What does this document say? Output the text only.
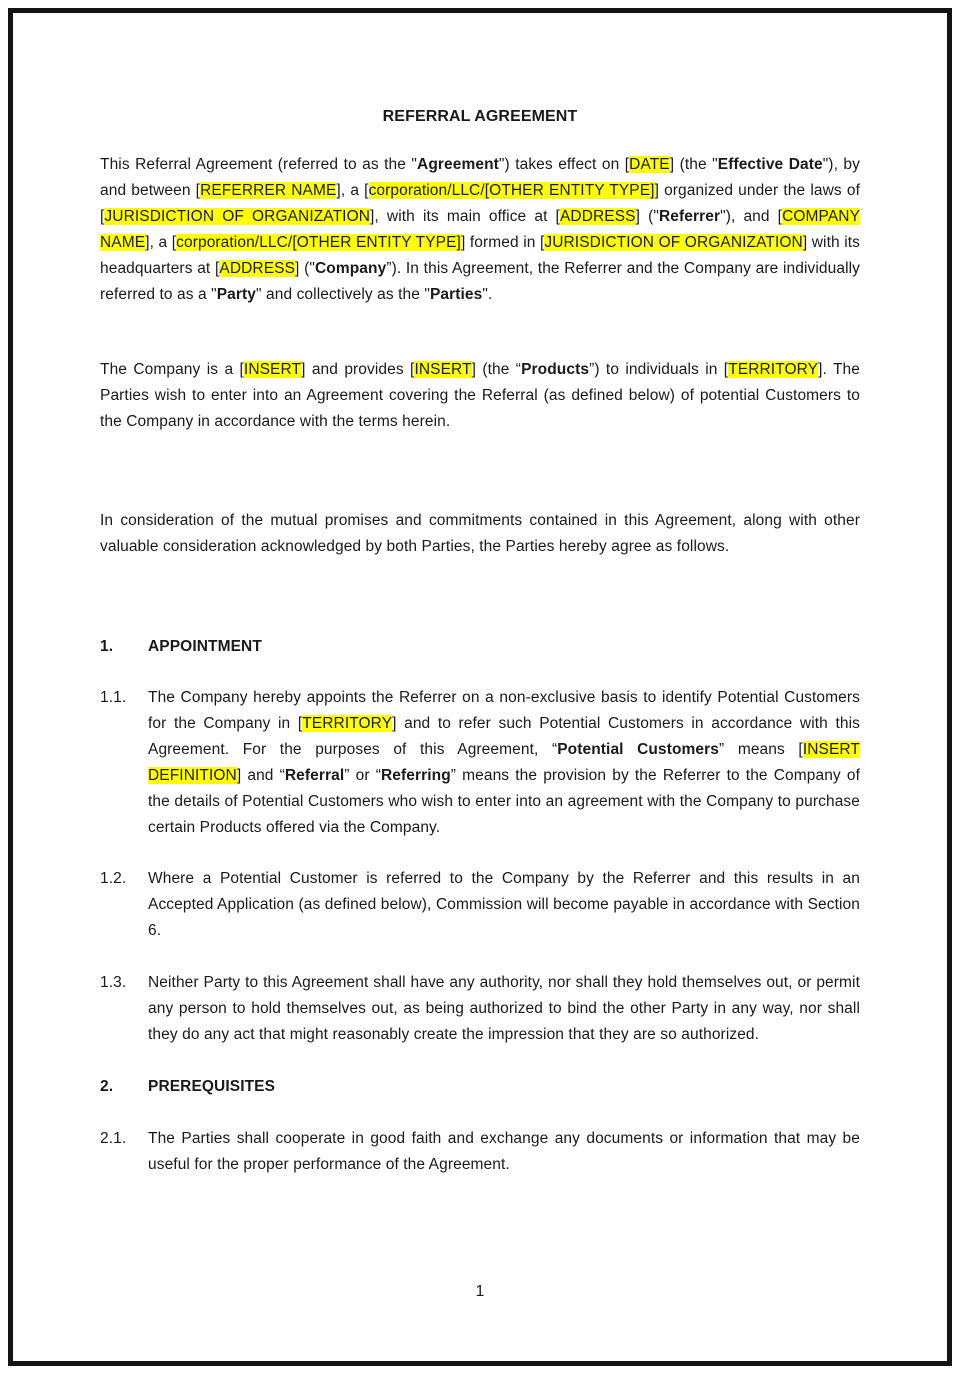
REFERRAL AGREEMENT

This Referral Agreement (referred to as the "Agreement") takes effect on [DATE] (the "Effective Date"), by and between [REFERRER NAME], a [corporation/LLC/[OTHER ENTITY TYPE]] organized under the laws of [JURISDICTION OF ORGANIZATION], with its main office at [ADDRESS] ("Referrer"), and [COMPANY NAME], a [corporation/LLC/[OTHER ENTITY TYPE]] formed in [JURISDICTION OF ORGANIZATION] with its headquarters at [ADDRESS] ("Company”). In this Agreement, the Referrer and the Company are individually referred to as a "Party" and collectively as the "Parties".

The Company is a [INSERT] and provides [INSERT] (the “Products”) to individuals in [TERRITORY]. The Parties wish to enter into an Agreement covering the Referral (as defined below) of potential Customers to the Company in accordance with the terms herein.

In consideration of the mutual promises and commitments contained in this Agreement, along with other valuable consideration acknowledged by both Parties, the Parties hereby agree as follows.

1.	APPOINTMENT
1.1.	The Company hereby appoints the Referrer on a non-exclusive basis to identify Potential Customers for the Company in [TERRITORY] and to refer such Potential Customers in accordance with this Agreement. For the purposes of this Agreement, “Potential Customers” means [INSERT DEFINITION] and “Referral” or “Referring” means the provision by the Referrer to the Company of the details of Potential Customers who wish to enter into an agreement with the Company to purchase certain Products offered via the Company.
1.2.	Where a Potential Customer is referred to the Company by the Referrer and this results in an Accepted Application (as defined below), Commission will become payable in accordance with Section 6.
1.3.	Neither Party to this Agreement shall have any authority, nor shall they hold themselves out, or permit any person to hold themselves out, as being authorized to bind the other Party in any way, nor shall they do any act that might reasonably create the impression that they are so authorized.
2.	PREREQUISITES
2.1.	The Parties shall cooperate in good faith and exchange any documents or information that may be useful for the proper performance of the Agreement.
1
